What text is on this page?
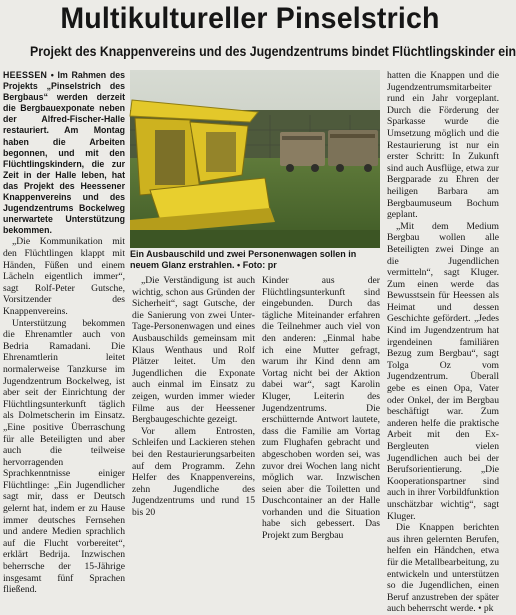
Multikultureller Pinselstrich
Projekt des Knappenvereins und des Jugendzentrums bindet Flüchtlingskinder ein
HEESSEN • Im Rahmen des Projekts „Pinselstrich des Bergbaus“ werden derzeit die Bergbauexponate neben der Alfred-Fischer-Halle restauriert. Am Montag haben die Arbeiten begonnen, und mit den Flüchtlingskindern, die zur Zeit in der Halle leben, hat das Projekt des Heessener Knappenvereins und des Jugendzentrums Bockelweg unerwartete Unterstützung bekommen.

„Die Kommunikation mit den Flüchtlingen klappt mit Händen, Füßen und einem Lächeln eigentlich immer“, sagt Rolf-Peter Gutsche, Vorsitzender des Knappenvereins.

Unterstützung bekommen die Ehrenamtler auch von Bedria Ramadani. Die Ehrenamtlerin leitet normalerweise Tanzkurse im Jugendzentrum Bockelweg, ist aber seit der Einrichtung der Flüchtlingsunterkunft täglich als Dolmetscherin im Einsatz. „Eine positive Überraschung für alle Beteiligten und aber auch die teilweise hervorragenden Sprachkenntnisse einiger Flüchtlinge: „Ein Jugendlicher sagt mir, dass er Deutsch gelernt hat, indem er zu Hause immer deutsches Fernsehen und andere Medien sprachlich auf die Flucht vorbereitet“, erklärt Bedrija. Inzwischen beherrsche der 15-Jährige insgesamt fünf Sprachen fließend.

Ein Ausbauschild und zwei Personenwagen sollen in neuem Glanz erstrahlen. • Foto: pr

„Die Verständigung ist auch wichtig, schon aus Gründen der Sicherheit“, sagt Gutsche, der die Sanierung von zwei Unter-Tage-Personenwagen und eines Ausbauschilds gemeinsam mit Klaus Wenthaus und Rolf Plätzer leitet. Um den Jugendlichen die Exponate auch einmal im Einsatz zu zeigen, wurden immer wieder Filme aus der Heessener Bergbaugeschichte gezeigt.

Vor allem Entrosten, Schleifen und Lackieren stehen bei den Restaurierungsarbeiten auf dem Programm. Zehn Helfer des Knappenvereins, zehn Jugendliche des Jugendzentrums und rund 15 bis 20

Kinder aus der Flüchtlingsunterkunft sind eingebunden. Durch das tägliche Miteinander erfahren die Teilnehmer auch viel von den anderen: „Einmal habe ich eine Mutter gefragt, warum ihr Kind denn am Vortag nicht bei der Aktion dabei war“, sagt Karolin Kluger, Leiterin des Jugendzentrums. Die erschütternde Antwort lautete, dass die Familie am Vortag zum Flughafen gebracht und abgeschoben worden sei, was zuvor drei Wochen lang nicht möglich war. Inzwischen seien aber die Toiletten und Duschcontainer an der Halle vorhanden und die Situation habe sich gebessert. Das Projekt zum Bergbau

hatten die Knappen und die Jugendzentrumsmitarbeiter rund ein Jahr vorgeplant. Durch die Förderung der Sparkasse wurde die Umsetzung möglich und die Restaurierung ist nur ein erster Schritt: In Zukunft sind auch Ausflüge, etwa zur Bergparade zu Ehren der heiligen Barbara am Bergbaumuseum Bochum geplant.

„Mit dem Medium Bergbau wollen alle Beteiligten zwei Dinge an die Jugendlichen vermitteln“, sagt Kluger. Zum einen werde das Bewusstsein für Heessen als Heimat und dessen Geschichte gefördert. „Jedes Kind im Jugendzentrum hat irgendeinen familiären Bezug zum Bergbau“, sagt Tolga Oz vom Jugendzentrum. Überall gebe es einen Opa, Vater oder Onkel, der im Bergbau beschäftigt war. Zum anderen helfe die praktische Arbeit mit den Ex-Bergleuten vielen Jugendlichen auch bei der Berufsorientierung. „Die Kooperationspartner sind auch in ihrer Vorbildfunktion unschätzbar wichtig“, sagt Kluger.

Die Knappen berichten aus ihren gelernten Berufen, helfen ein Händchen, etwa für die Metallbearbeitung, zu entwickeln und unterstützen so die Jugendlichen, einen Beruf anzustreben der später auch beherrscht werde. • pk
